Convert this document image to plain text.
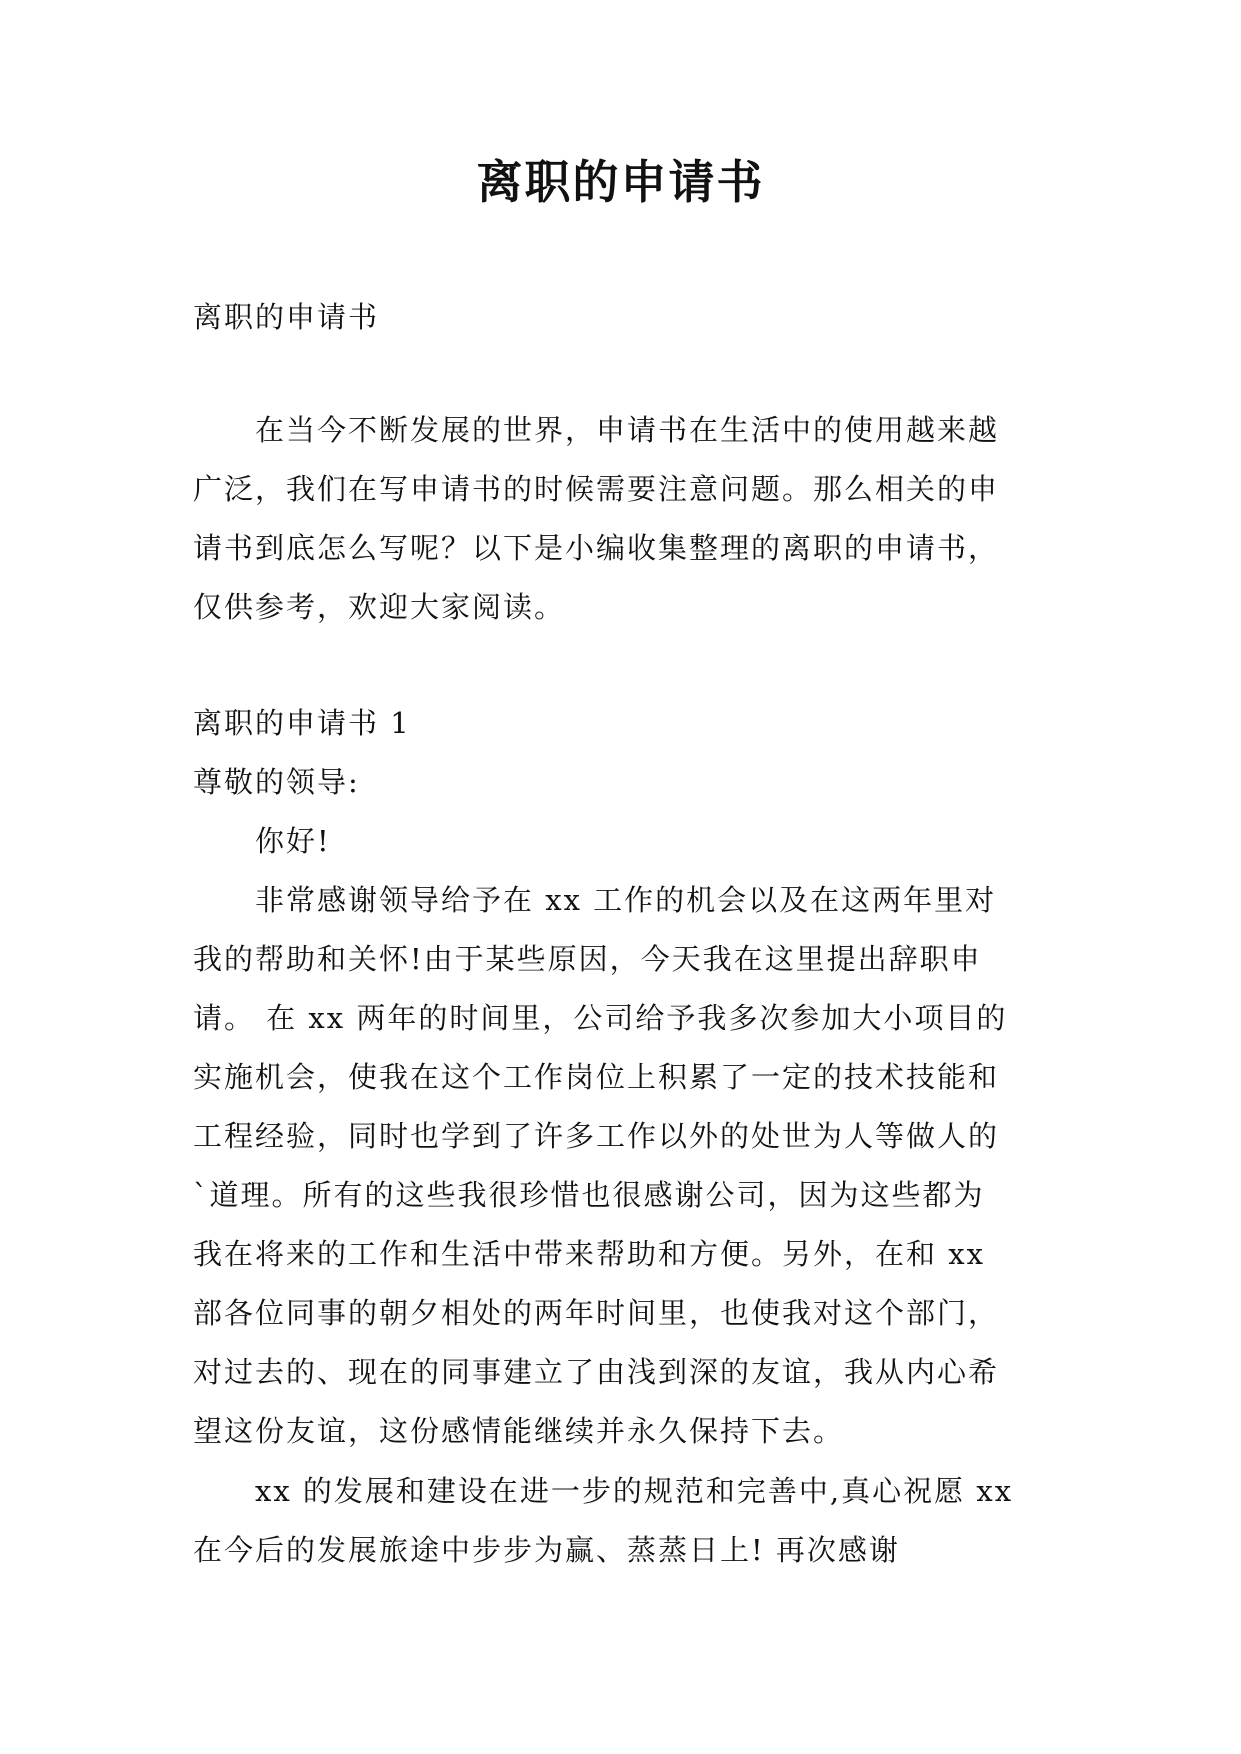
离职的申请书

离职的申请书

在当今不断发展的世界，申请书在生活中的使用越来越
广泛，我们在写申请书的时候需要注意问题。那么相关的申
请书到底怎么写呢？以下是小编收集整理的离职的申请书，
仅供参考，欢迎大家阅读。

离职的申请书 1

尊敬的领导:

你好!

非常感谢领导给予在 xx 工作的机会以及在这两年里对
我的帮助和关怀!由于某些原因，今天我在这里提出辞职申
请。 在 xx 两年的时间里，公司给予我多次参加大小项目的
实施机会，使我在这个工作岗位上积累了一定的技术技能和
工程经验，同时也学到了许多工作以外的处世为人等做人的
`道理。所有的这些我很珍惜也很感谢公司，因为这些都为
我在将来的工作和生活中带来帮助和方便。另外，在和 xx
部各位同事的朝夕相处的两年时间里，也使我对这个部门，
对过去的、现在的同事建立了由浅到深的友谊，我从内心希
望这份友谊，这份感情能继续并永久保持下去。
xx 的发展和建设在进一步的规范和完善中,真心祝愿 xx
在今后的发展旅途中步步为赢、蒸蒸日上! 再次感谢
